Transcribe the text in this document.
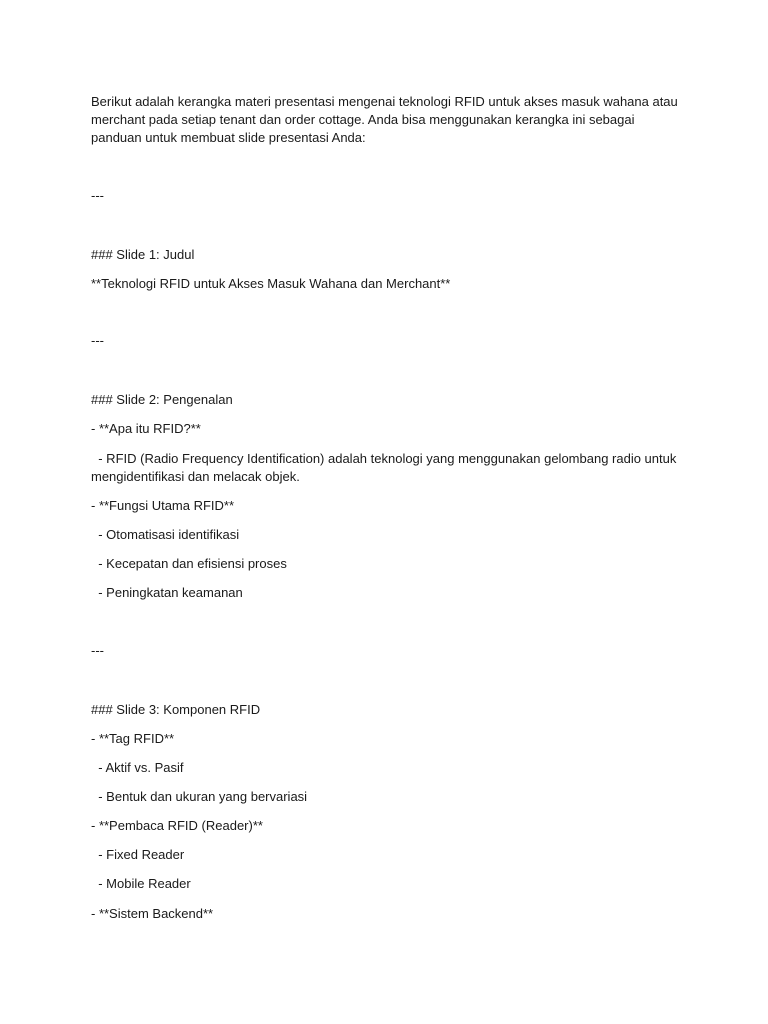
Berikut adalah kerangka materi presentasi mengenai teknologi RFID untuk akses masuk wahana atau merchant pada setiap tenant dan order cottage. Anda bisa menggunakan kerangka ini sebagai panduan untuk membuat slide presentasi Anda:

---

### Slide 1: Judul

**Teknologi RFID untuk Akses Masuk Wahana dan Merchant**

---

### Slide 2: Pengenalan

- **Apa itu RFID?**

- RFID (Radio Frequency Identification) adalah teknologi yang menggunakan gelombang radio untuk mengidentifikasi dan melacak objek.

- **Fungsi Utama RFID**

- Otomatisasi identifikasi

- Kecepatan dan efisiensi proses

- Peningkatan keamanan

---

### Slide 3: Komponen RFID

- **Tag RFID**

- Aktif vs. Pasif

- Bentuk dan ukuran yang bervariasi

- **Pembaca RFID (Reader)**

- Fixed Reader

- Mobile Reader

- **Sistem Backend**
